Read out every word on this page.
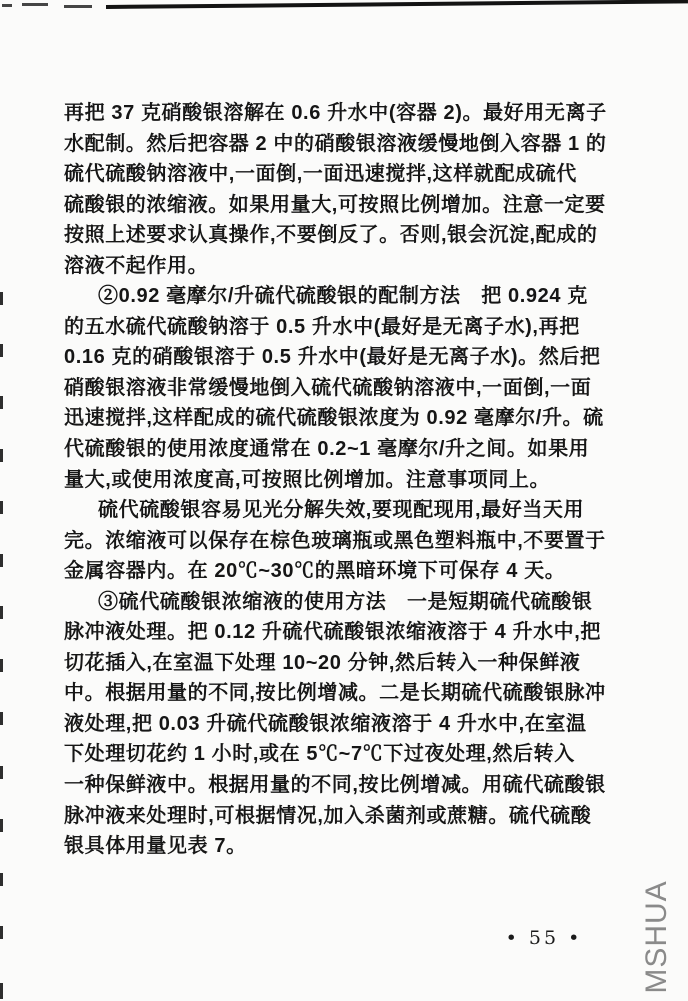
再把 37 克硝酸银溶解在 0.6 升水中(容器 2)。最好用无离子
水配制。然后把容器 2 中的硝酸银溶液缓慢地倒入容器 1 的
硫代硫酸钠溶液中,一面倒,一面迅速搅拌,这样就配成硫代
硫酸银的浓缩液。如果用量大,可按照比例增加。注意一定要
按照上述要求认真操作,不要倒反了。否则,银会沉淀,配成的
溶液不起作用。
②0.92 毫摩尔/升硫代硫酸银的配制方法　把 0.924 克
的五水硫代硫酸钠溶于 0.5 升水中(最好是无离子水),再把
0.16 克的硝酸银溶于 0.5 升水中(最好是无离子水)。然后把
硝酸银溶液非常缓慢地倒入硫代硫酸钠溶液中,一面倒,一面
迅速搅拌,这样配成的硫代硫酸银浓度为 0.92 毫摩尔/升。硫
代硫酸银的使用浓度通常在 0.2~1 毫摩尔/升之间。如果用
量大,或使用浓度高,可按照比例增加。注意事项同上。
硫代硫酸银容易见光分解失效,要现配现用,最好当天用
完。浓缩液可以保存在棕色玻璃瓶或黑色塑料瓶中,不要置于
金属容器内。在 20℃~30℃的黑暗环境下可保存 4 天。
③硫代硫酸银浓缩液的使用方法　一是短期硫代硫酸银
脉冲液处理。把 0.12 升硫代硫酸银浓缩液溶于 4 升水中,把
切花插入,在室温下处理 10~20 分钟,然后转入一种保鲜液
中。根据用量的不同,按比例增减。二是长期硫代硫酸银脉冲
液处理,把 0.03 升硫代硫酸银浓缩液溶于 4 升水中,在室温
下处理切花约 1 小时,或在 5℃~7℃下过夜处理,然后转入
一种保鲜液中。根据用量的不同,按比例增减。用硫代硫酸银
脉冲液来处理时,可根据情况,加入杀菌剂或蔗糖。硫代硫酸
银具体用量见表 7。
• 55 •	MSHUA
